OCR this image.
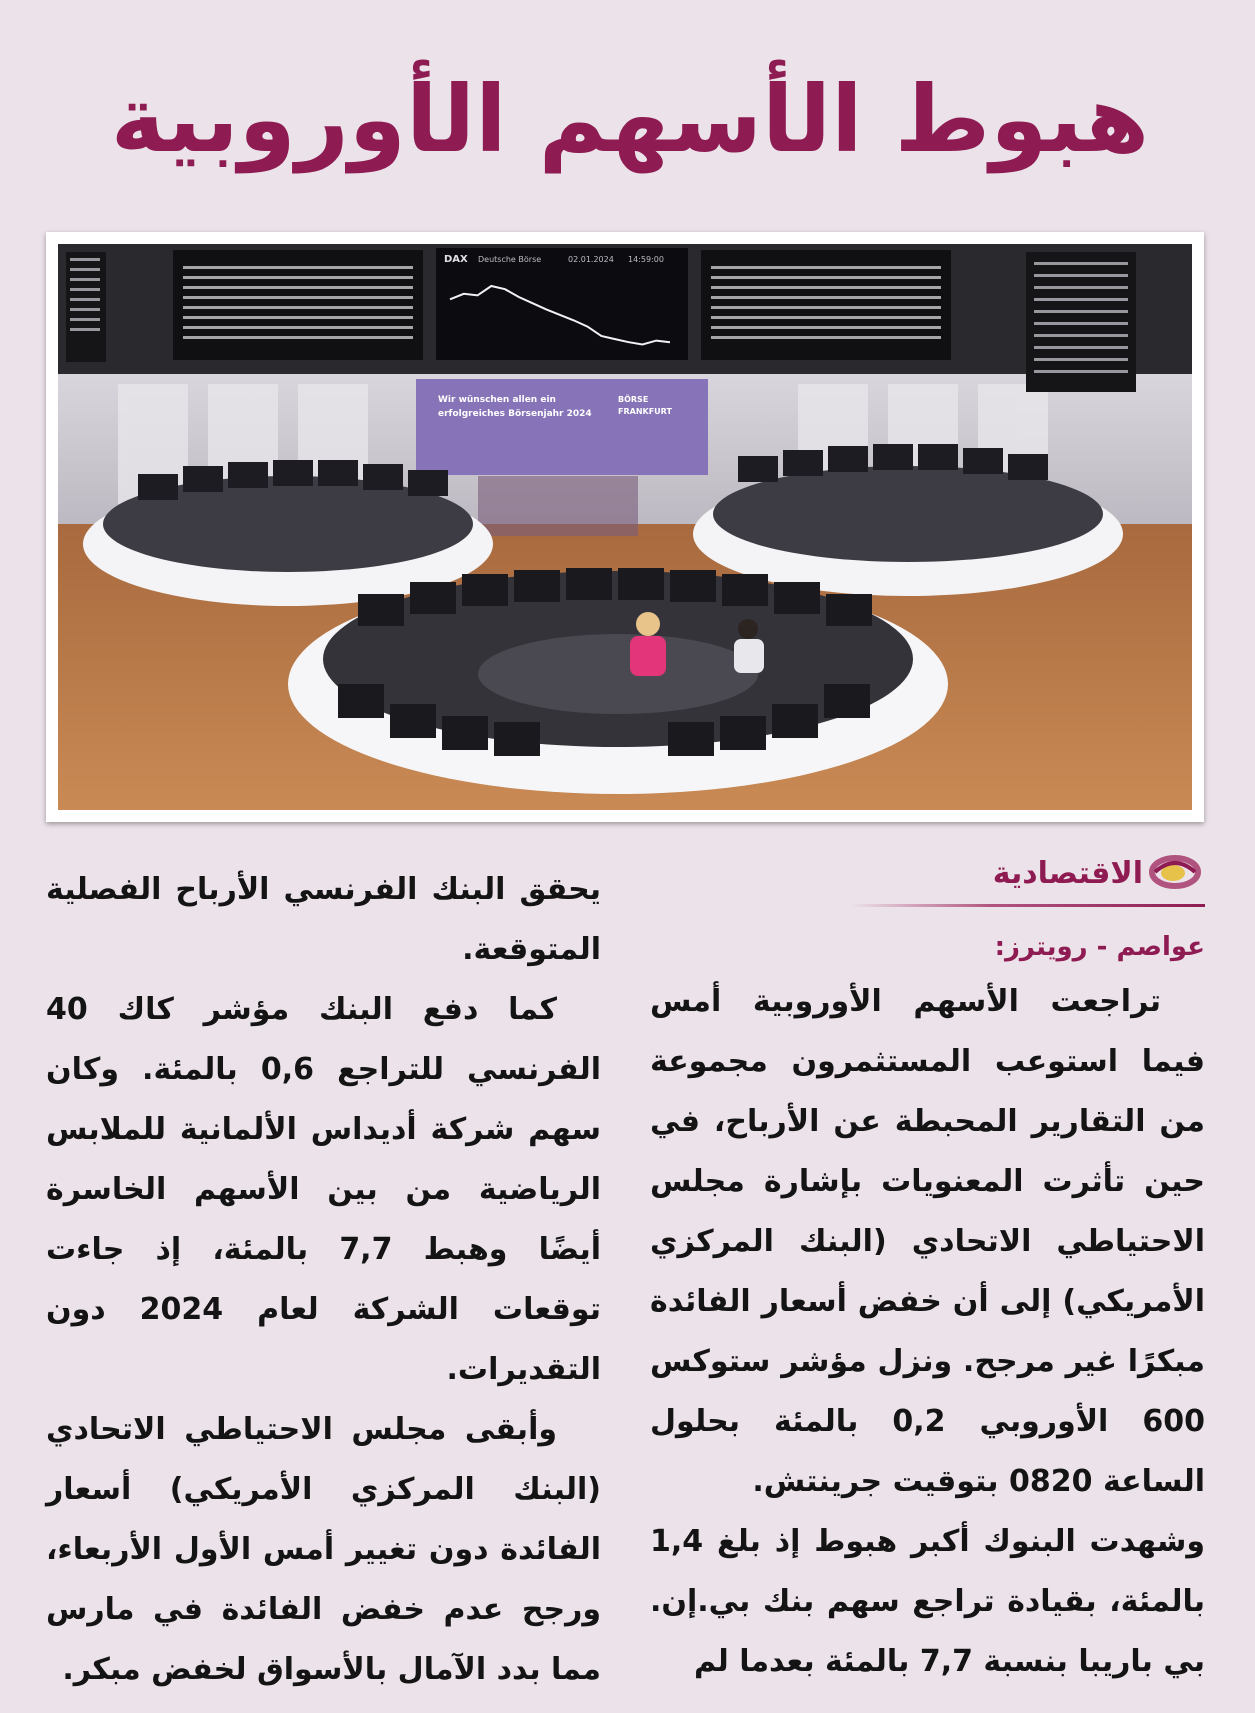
هبوط الأسهم الأوروبية
DAX Deutsche Börse	02.01.2024 14:59:00
Wir wünschen allen ein
erfolgreiches Börsenjahr 2024
BÖRSE
FRANKFURT
الاقتصادية
عواصم - رويترز:

تراجعت الأسهم الأوروبية أمس فيما استوعب المستثمرون مجموعة من التقارير المحبطة عن الأرباح، في حين تأثرت المعنويات بإشارة مجلس الاحتياطي الاتحادي (البنك المركزي الأمريكي) إلى أن خفض أسعار الفائدة مبكرًا غير مرجح. ونزل مؤشر ستوكس 600 الأوروبي 0,2 بالمئة بحلول الساعة 0820 بتوقيت جرينتش.

وشهدت البنوك أكبر هبوط إذ بلغ 1,4 بالمئة، بقيادة تراجع سهم بنك بي.إن. بي باريبا بنسبة 7,7 بالمئة بعدما لم

يحقق البنك الفرنسي الأرباح الفصلية المتوقعة.

كما دفع البنك مؤشر كاك 40 الفرنسي للتراجع 0,6 بالمئة. وكان سهم شركة أديداس الألمانية للملابس الرياضية من بين الأسهم الخاسرة أيضًا وهبط 7,7 بالمئة، إذ جاءت توقعات الشركة لعام 2024 دون التقديرات.

وأبقى مجلس الاحتياطي الاتحادي (البنك المركزي الأمريكي) أسعار الفائدة دون تغيير أمس الأول الأربعاء، ورجح عدم خفض الفائدة في مارس مما بدد الآمال بالأسواق لخفض مبكر.
